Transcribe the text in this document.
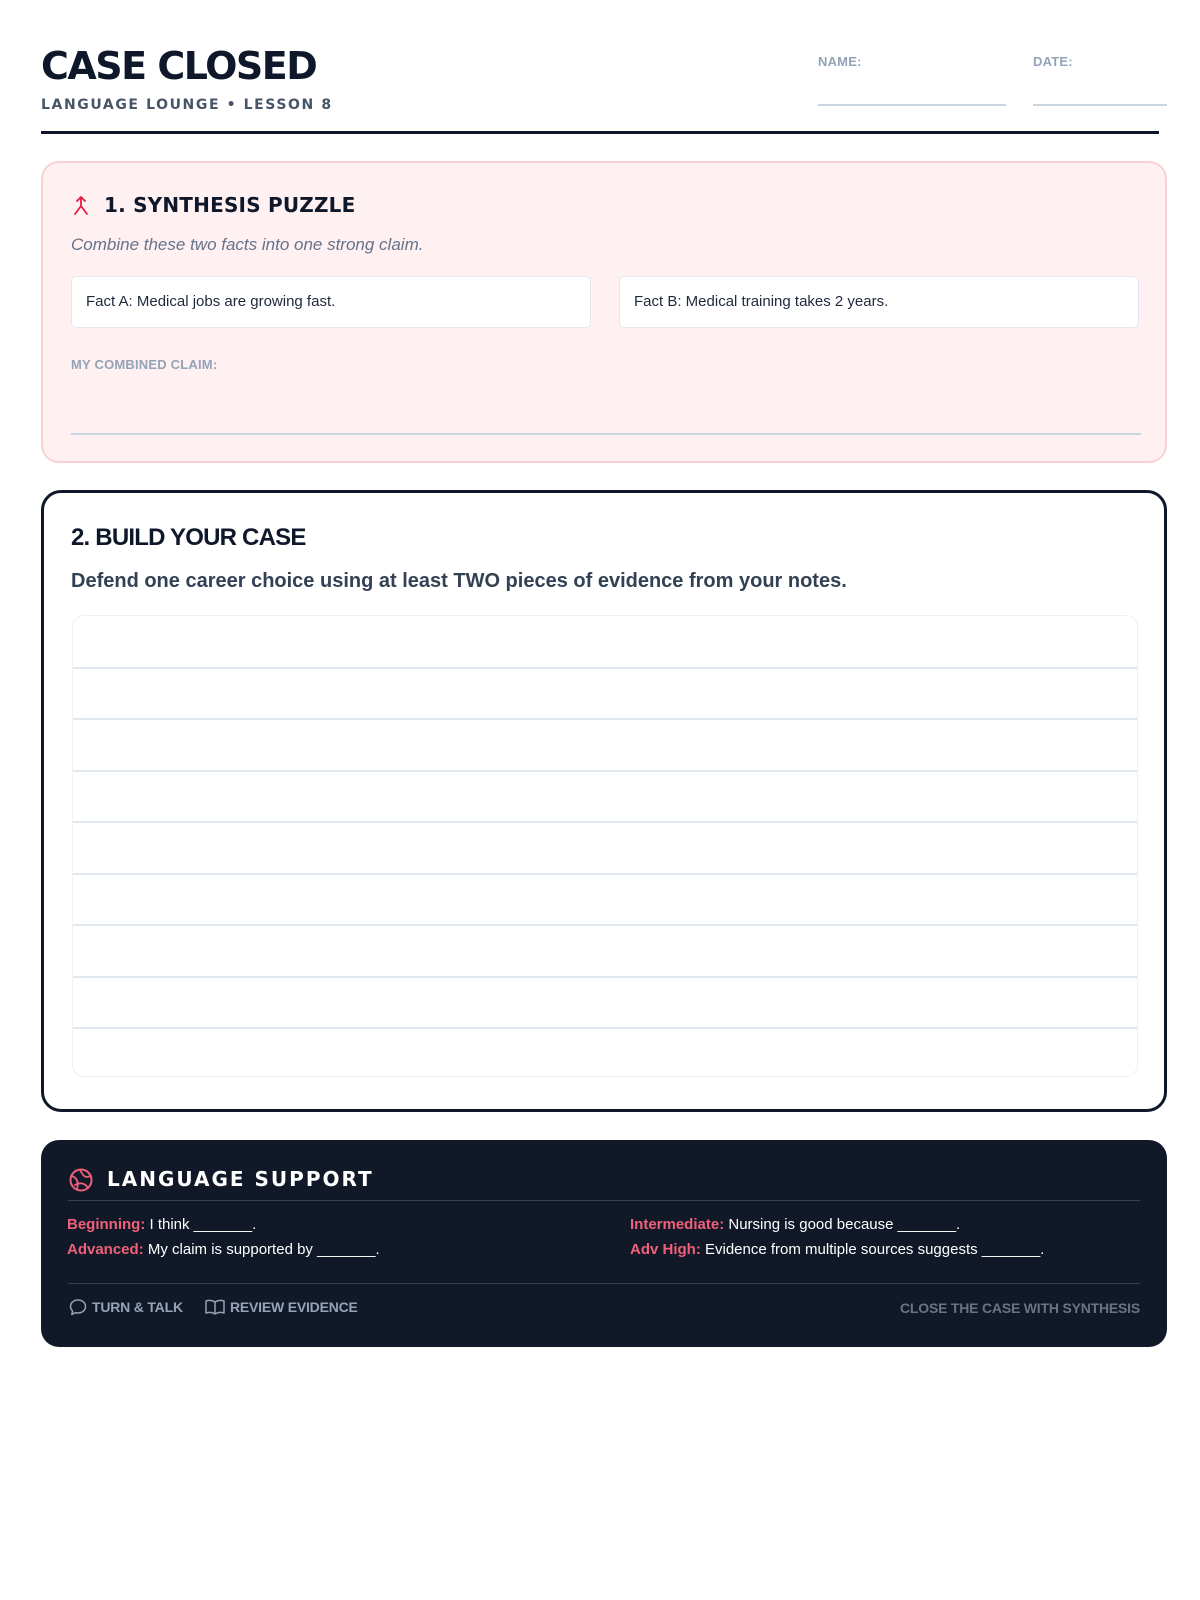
CASE CLOSED
LANGUAGE LOUNGE • LESSON 8
NAME:	DATE:
1. SYNTHESIS PUZZLE
Combine these two facts into one strong claim.
Fact A: Medical jobs are growing fast.	Fact B: Medical training takes 2 years.
MY COMBINED CLAIM:
2. BUILD YOUR CASE
Defend one career choice using at least TWO pieces of evidence from your notes.
LANGUAGE SUPPORT
Beginning: I think _______.
Advanced: My claim is supported by _______.
Intermediate: Nursing is good because _______.
Adv High: Evidence from multiple sources suggests _______.
TURN & TALK	REVIEW EVIDENCE	CLOSE THE CASE WITH SYNTHESIS
